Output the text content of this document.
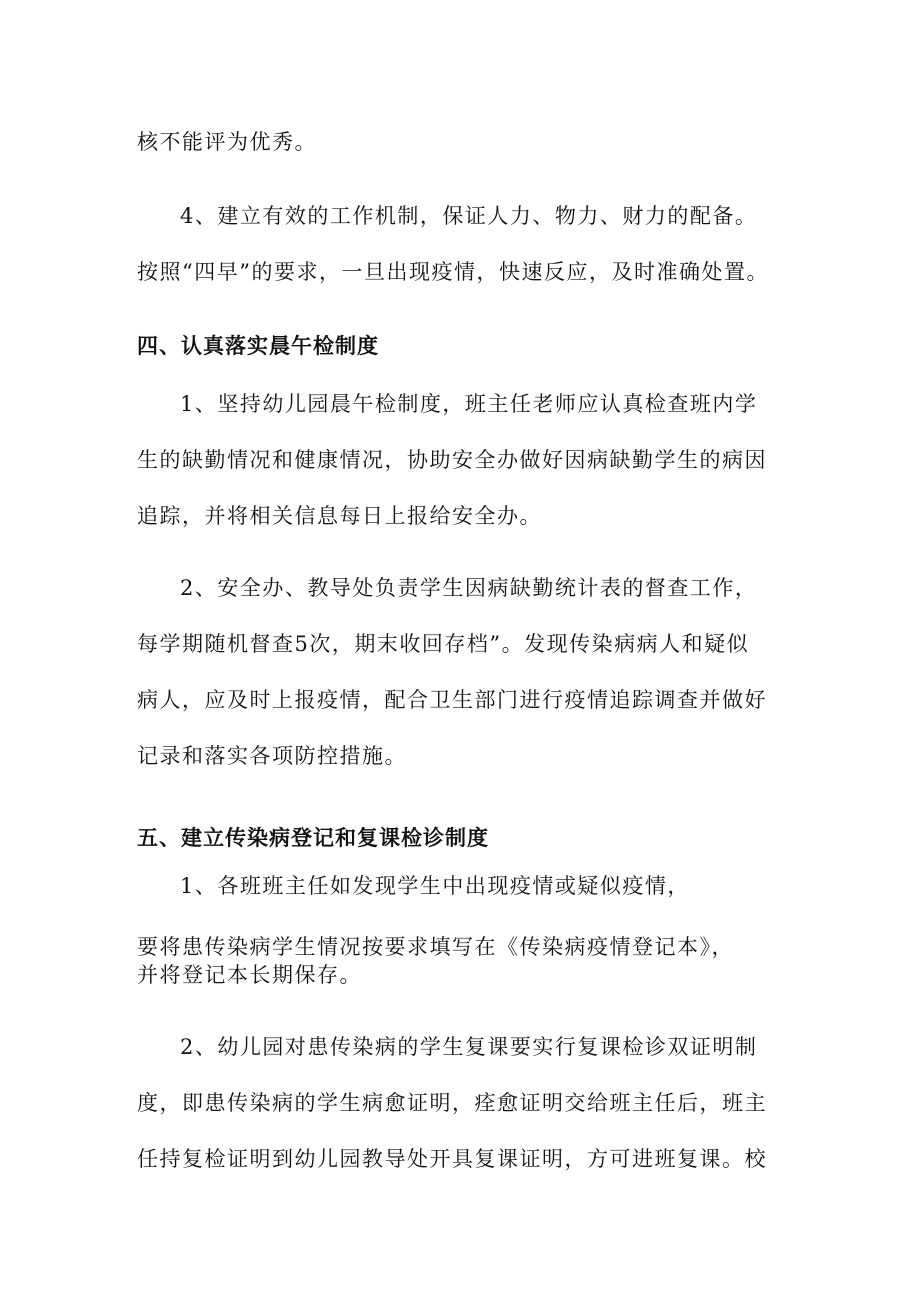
核不能评为优秀。
4、建立有效的工作机制，保证人力、物力、财力的配备。
按照“四早”的要求，一旦出现疫情，快速反应，及时准确处置。
四、认真落实晨午检制度
1、坚持幼儿园晨午检制度，班主任老师应认真检查班内学
生的缺勤情况和健康情况，协助安全办做好因病缺勤学生的病因
追踪，并将相关信息每日上报给安全办。
2、安全办、教导处负责学生因病缺勤统计表的督查工作，
每学期随机督查5次，期末收回存档”。发现传染病病人和疑似
病人，应及时上报疫情，配合卫生部门进行疫情追踪调查并做好
记录和落实各项防控措施。
五、建立传染病登记和复课检诊制度
1、各班班主任如发现学生中出现疫情或疑似疫情，
要将患传染病学生情况按要求填写在《传染病疫情登记本》，
并将登记本长期保存。
2、幼儿园对患传染病的学生复课要实行复课检诊双证明制
度，即患传染病的学生病愈证明，痊愈证明交给班主任后，班主
任持复检证明到幼儿园教导处开具复课证明，方可进班复课。校
